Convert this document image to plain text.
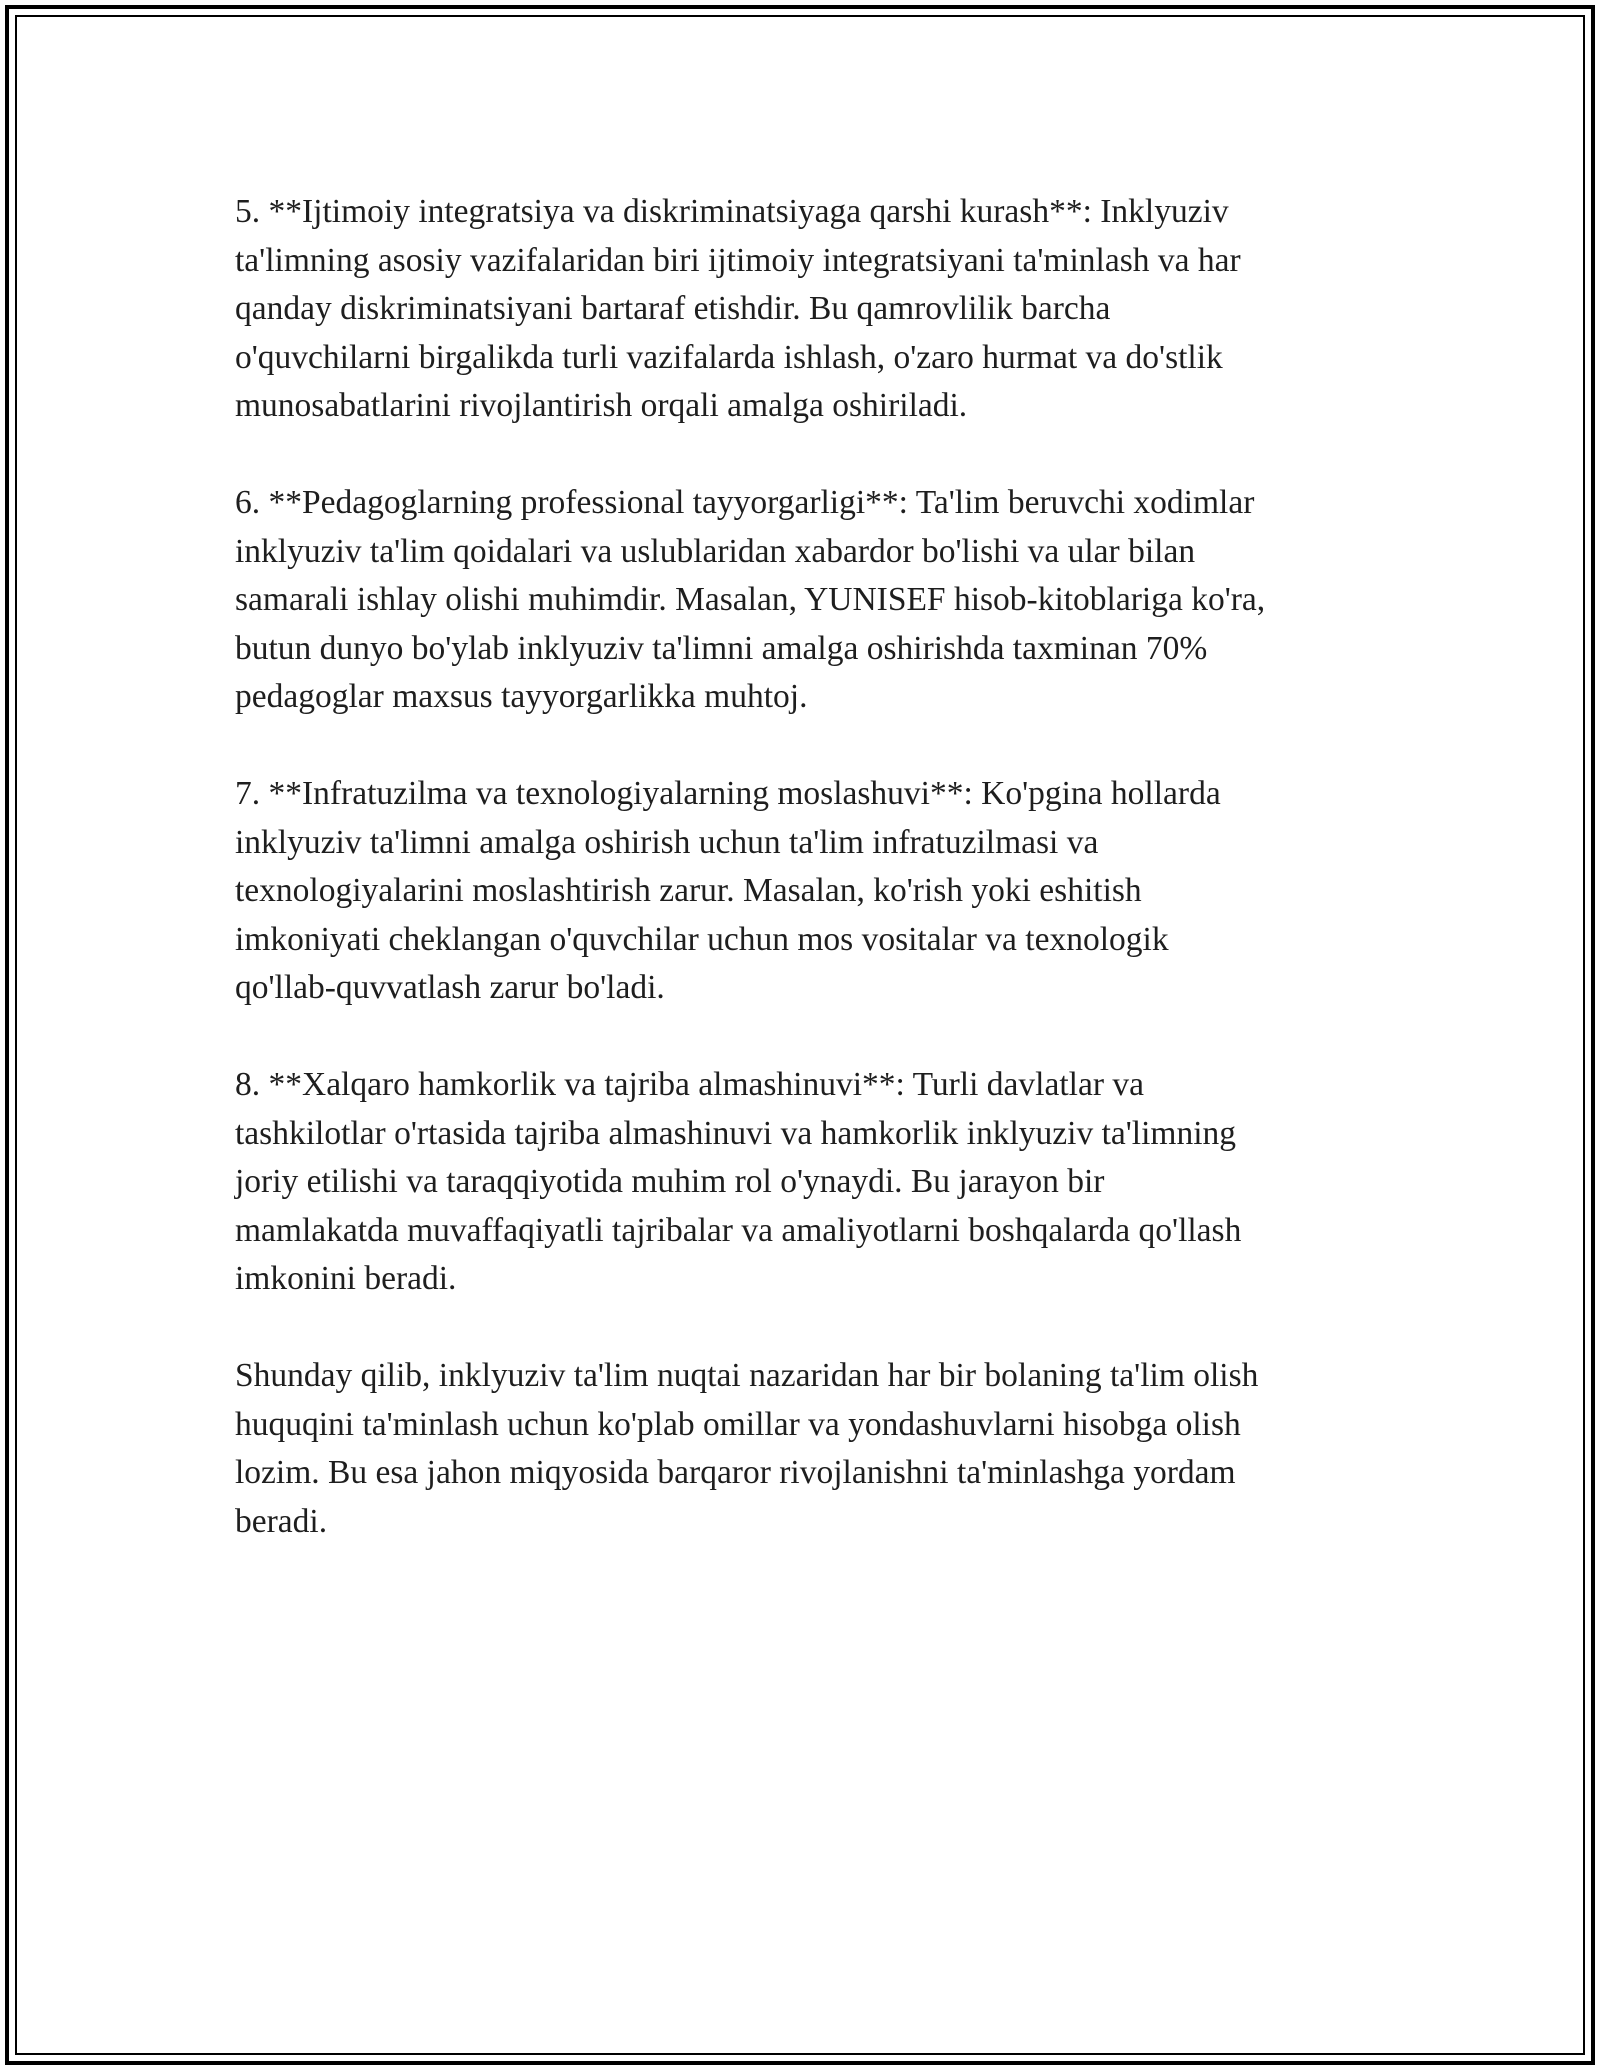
5. **Ijtimoiy integratsiya va diskriminatsiyaga qarshi kurash**: Inklyuziv
ta'limning asosiy vazifalaridan biri ijtimoiy integratsiyani ta'minlash va har
qanday diskriminatsiyani bartaraf etishdir. Bu qamrovlilik barcha
o'quvchilarni birgalikda turli vazifalarda ishlash, o'zaro hurmat va do'stlik
munosabatlarini rivojlantirish orqali amalga oshiriladi.

6. **Pedagoglarning professional tayyorgarligi**: Ta'lim beruvchi xodimlar
inklyuziv ta'lim qoidalari va uslublaridan xabardor bo'lishi va ular bilan
samarali ishlay olishi muhimdir. Masalan, YUNISEF hisob-kitoblariga ko'ra,
butun dunyo bo'ylab inklyuziv ta'limni amalga oshirishda taxminan 70%
pedagoglar maxsus tayyorgarlikka muhtoj.

7. **Infratuzilma va texnologiyalarning moslashuvi**: Ko'pgina hollarda
inklyuziv ta'limni amalga oshirish uchun ta'lim infratuzilmasi va
texnologiyalarini moslashtirish zarur. Masalan, ko'rish yoki eshitish
imkoniyati cheklangan o'quvchilar uchun mos vositalar va texnologik
qo'llab-quvvatlash zarur bo'ladi.

8. **Xalqaro hamkorlik va tajriba almashinuvi**: Turli davlatlar va
tashkilotlar o'rtasida tajriba almashinuvi va hamkorlik inklyuziv ta'limning
joriy etilishi va taraqqiyotida muhim rol o'ynaydi. Bu jarayon bir
mamlakatda muvaffaqiyatli tajribalar va amaliyotlarni boshqalarda qo'llash
imkonini beradi.

Shunday qilib, inklyuziv ta'lim nuqtai nazaridan har bir bolaning ta'lim olish
huquqini ta'minlash uchun ko'plab omillar va yondashuvlarni hisobga olish
lozim. Bu esa jahon miqyosida barqaror rivojlanishni ta'minlashga yordam
beradi.
